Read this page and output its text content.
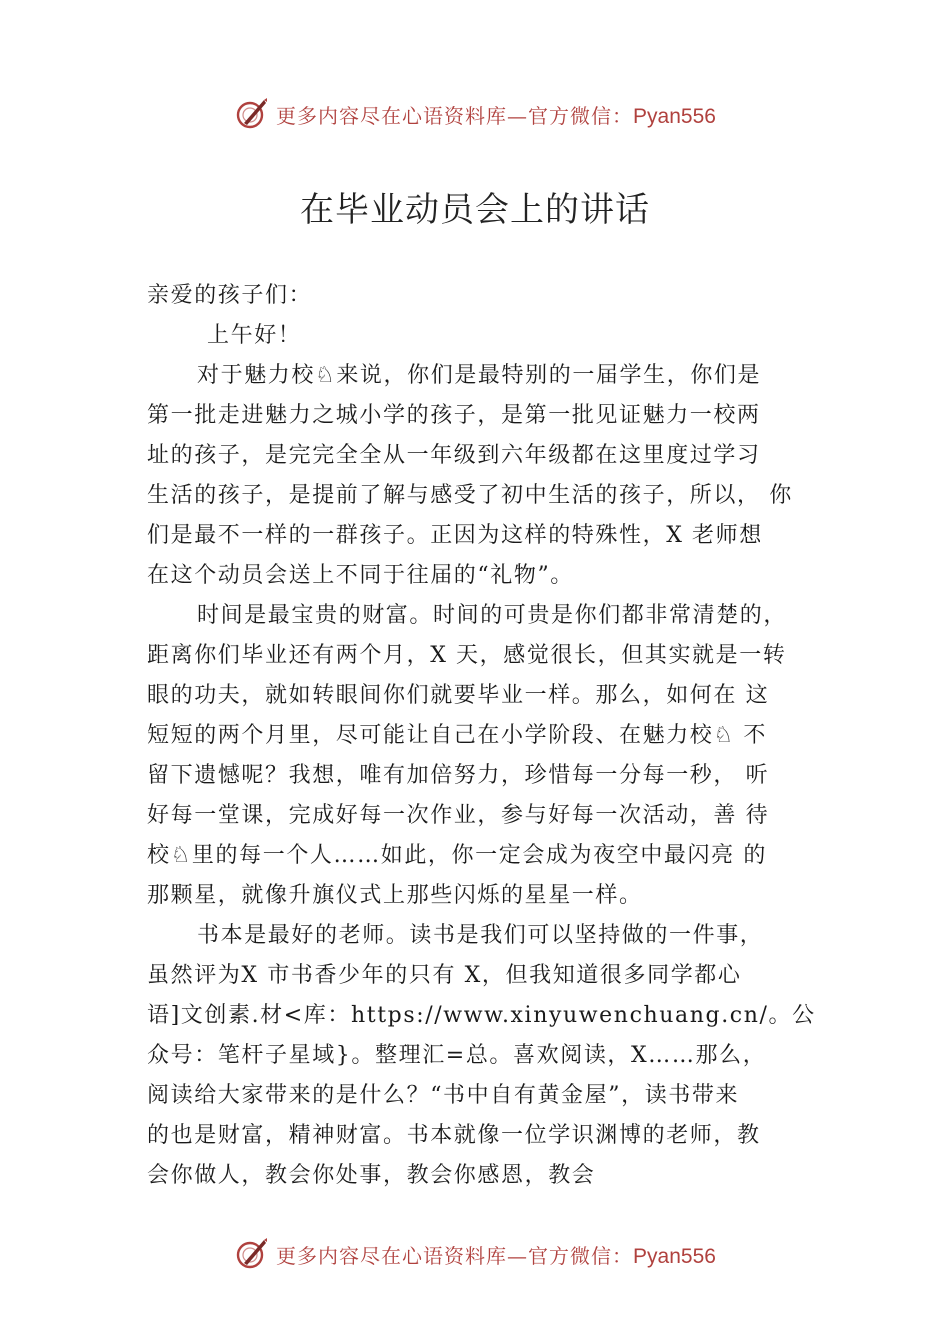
更多内容尽在心语资料库—官方微信：Pyan556
在毕业动员会上的讲话
亲爱的孩子们：
上午好！
对于魅力校♘来说，你们是最特别的一届学生，你们是
第一批走进魅力之城小学的孩子，是第一批见证魅力一校两
址的孩子，是完完全全从一年级到六年级都在这里度过学习
生活的孩子，是提前了解与感受了初中生活的孩子，所以， 你
们是最不一样的一群孩子。正因为这样的特殊性，X 老师想
在这个动员会送上不同于往届的“礼物”。
时间是最宝贵的财富。时间的可贵是你们都非常清楚的，
距离你们毕业还有两个月，X 天，感觉很长，但其实就是一转
眼的功夫，就如转眼间你们就要毕业一样。那么，如何在 这
短短的两个月里，尽可能让自己在小学阶段、在魅力校♘ 不
留下遗憾呢？我想，唯有加倍努力，珍惜每一分每一秒， 听
好每一堂课，完成好每一次作业，参与好每一次活动，善 待
校♘里的每一个人……如此，你一定会成为夜空中最闪亮 的
那颗星，就像升旗仪式上那些闪烁的星星一样。
书本是最好的老师。读书是我们可以坚持做的一件事，
虽然评为X 市书香少年的只有 X，但我知道很多同学都心
语]文创素.材<库：https://www.xinyuwenchuang.cn/。公
众号：笔杆子星域}。整理汇=总。喜欢阅读，X……那么，
阅读给大家带来的是什么？“书中自有黄金屋”，读书带来
的也是财富，精神财富。书本就像一位学识渊博的老师，教
会你做人，教会你处事，教会你感恩，教会
更多内容尽在心语资料库—官方微信：Pyan556
